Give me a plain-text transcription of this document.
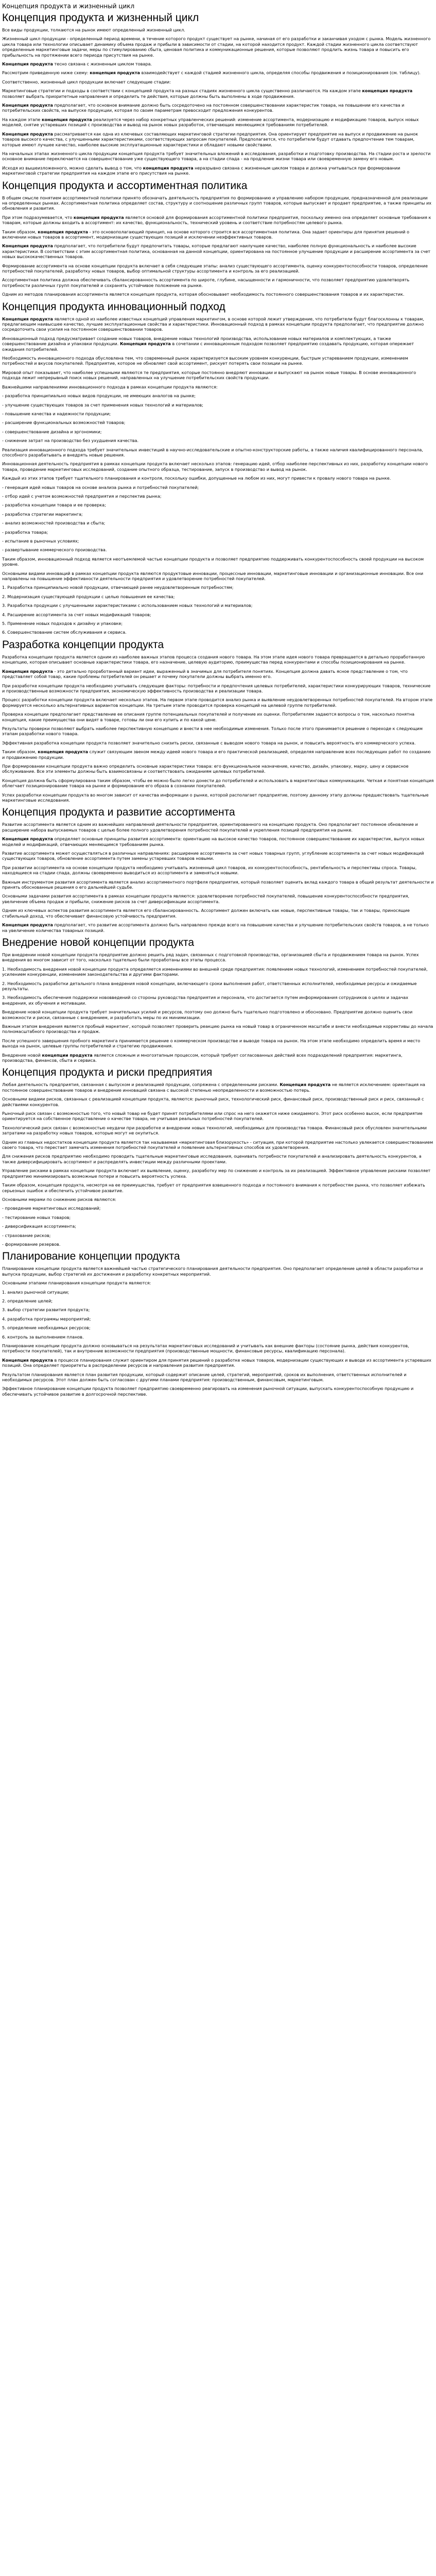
Концепция продукта и жизненный цикл
Концепция продукта и жизненный цикл

Все виды продукции, толкаются на рынок имеют определенный жизненный цикл.

Жизненный цикл продукции - определенный период времени, в течение которого продукт существует на рынке, начиная от его разработки и заканчивая уходом с рынка. Модель жизненного цикла товара или технологии описывает динамику объема продаж и прибыли в зависимости от стадии, на которой находится продукт. Каждой стадии жизненного цикла соответствуют определенные маркетинговые задачи, меры по стимулированию сбыта, ценовая политика и коммуникационные решения, которые позволяют продлить жизнь товара и повысить его прибыльность на протяжении всего периода присутствия на рынке.

Концепция продукта тесно связана с жизненным циклом товара.

Рассмотрим приведенную ниже схему: концепция продукта взаимодействует с каждой стадией жизненного цикла, определяя способы продвижения и позиционирования (см. таблицу).

Соответственно, жизненный цикл продукции включает следующие стадии:

Маркетинговые стратегии и подходы в соответствии с концепцией продукта на разных стадиях жизненного цикла существенно различаются. На каждом этапе концепция продукта позволяет выбрать приоритетные направления и определить те действия, которые должны быть выполнены в ходе продвижения.

Концепция продукта предполагает, что основное внимание должно быть сосредоточено на постоянном совершенствовании характеристик товара, на повышении его качества и потребительских свойств, на выпуске продукции, которая по своим параметрам превосходит предложения конкурентов.

На каждом этапе концепция продукта реализуется через набор конкретных управленческих решений: изменение ассортимента, модернизацию и модификацию товаров, выпуск новых моделей, снятие устаревших позиций с производства и вывод на рынок новых разработок, отвечающих меняющимся требованиям потребителей.

Концепция продукта рассматривается как одна из ключевых составляющих маркетинговой стратегии предприятия. Она ориентирует предприятие на выпуск и продвижение на рынок товаров высокого качества, с улучшенными характеристиками, соответствующих запросам покупателей. Предполагается, что потребители будут отдавать предпочтение тем товарам, которые имеют лучшее качество, наиболее высокие эксплуатационные характеристики и обладают новыми свойствами.

На начальных этапах жизненного цикла продукции концепция продукта требует значительных вложений в исследования, разработки и подготовку производства. На стадии роста и зрелости основное внимание переключается на совершенствование уже существующего товара, а на стадии спада - на продление жизни товара или своевременную замену его новым.

Исходя из вышеизложенного, можно сделать вывод о том, что концепция продукта неразрывно связана с жизненным циклом товара и должна учитываться при формировании маркетинговой стратегии предприятия на каждом этапе его присутствия на рынке.

Концепция продукта и ассортиментная политика

В общем смысле понятием ассортиментной политики принято обозначать деятельность предприятия по формированию и управлению набором продукции, предназначенной для реализации на определенных рынках. Ассортиментная политика определяет состав, структуру и соотношение различных групп товаров, которые выпускает и продает предприятие, а также принципы их обновления и развития.

При этом подразумевается, что концепция продукта является основой для формирования ассортиментной политики предприятия, поскольку именно она определяет основные требования к товарам, которые должны входить в ассортимент: их качество, функциональность, технический уровень и соответствие потребностям целевого рынка.

Таким образом, концепция продукта - это основополагающий принцип, на основе которого строится вся ассортиментная политика. Она задает ориентиры для принятия решений о включении новых товаров в ассортимент, модернизации существующих позиций и исключении неэффективных товаров.

Концепция продукта предполагает, что потребители будут предпочитать товары, которые предлагают наилучшее качество, наиболее полную функциональность и наиболее высокие характеристики. В соответствии с этим ассортиментная политика, основанная на данной концепции, ориентирована на постоянное улучшение продукции и расширение ассортимента за счет новых высококачественных товаров.

Формирование ассортимента на основе концепции продукта включает в себя следующие этапы: анализ существующего ассортимента, оценку конкурентоспособности товаров, определение потребностей покупателей, разработку новых товаров, выбор оптимальной структуры ассортимента и контроль за его реализацией.

Ассортиментная политика должна обеспечивать сбалансированность ассортимента по широте, глубине, насыщенности и гармоничности, что позволяет предприятию удовлетворять потребности различных групп покупателей и сохранять устойчивое положение на рынке.

Одним из методов планирования ассортимента является концепция продукта, которая обосновывает необходимость постоянного совершенствования товаров и их характеристик.

Концепция продукта инновационный подход

Концепция продукта является одной из наиболее известных концепций управления маркетингом, в основе которой лежит утверждение, что потребители будут благосклонны к товарам, предлагающим наивысшее качество, лучшие эксплуатационные свойства и характеристики. Инновационный подход в рамках концепции продукта предполагает, что предприятие должно сосредоточить свои усилия на постоянном совершенствовании товаров.

Инновационный подход предусматривает создание новых товаров, внедрение новых технологий производства, использование новых материалов и комплектующих, а также совершенствование дизайна и упаковки продукции. Концепция продукта в сочетании с инновационным подходом позволяет предприятию создавать продукцию, которая опережает ожидания потребителей.

Необходимость инновационного подхода обусловлена тем, что современный рынок характеризуется высоким уровнем конкуренции, быстрым устареванием продукции, изменением потребностей и вкусов покупателей. Предприятие, которое не обновляет свой ассортимент, рискует потерять свои позиции на рынке.

Мировой опыт показывает, что наиболее успешными являются те предприятия, которые постоянно внедряют инновации и выпускают на рынок новые товары. В основе инновационного подхода лежит непрерывный поиск новых решений, направленных на улучшение потребительских свойств продукции.

Важнейшими направлениями инновационного подхода в рамках концепции продукта являются:

- разработка принципиально новых видов продукции, не имеющих аналогов на рынке;

- улучшение существующих товаров за счет применения новых технологий и материалов;

- повышение качества и надежности продукции;

- расширение функциональных возможностей товаров;

- совершенствование дизайна и эргономики;

- снижение затрат на производство без ухудшения качества.

Реализация инновационного подхода требует значительных инвестиций в научно-исследовательские и опытно-конструкторские работы, а также наличия квалифицированного персонала, способного разрабатывать и внедрять новые решения.

Инновационная деятельность предприятия в рамках концепции продукта включает несколько этапов: генерацию идей, отбор наиболее перспективных из них, разработку концепции нового товара, проведение маркетинговых исследований, создание опытного образца, тестирование, запуск в производство и вывод на рынок.

Каждый из этих этапов требует тщательного планирования и контроля, поскольку ошибки, допущенные на любом из них, могут привести к провалу нового товара на рынке.

- генерация идей новых товаров на основе анализа рынка и потребностей покупателей;

- отбор идей с учетом возможностей предприятия и перспектив рынка;

- разработка концепции товара и ее проверка;

- разработка стратегии маркетинга;

- анализ возможностей производства и сбыта;

- разработка товара;

- испытание в рыночных условиях;

- развертывание коммерческого производства.

Таким образом, инновационный подход является неотъемлемой частью концепции продукта и позволяет предприятию поддерживать конкурентоспособность своей продукции на высоком уровне.

Основными видами инноваций в рамках концепции продукта являются продуктовые инновации, процессные инновации, маркетинговые инновации и организационные инновации. Все они направлены на повышение эффективности деятельности предприятия и удовлетворение потребностей покупателей.

1. Разработка принципиально новой продукции, отвечающей ранее неудовлетворенным потребностям;

2. Модернизация существующей продукции с целью повышения ее качества;

3. Разработка продукции с улучшенными характеристиками с использованием новых технологий и материалов;

4. Расширение ассортимента за счет новых модификаций товаров;

5. Применение новых подходов к дизайну и упаковке;

6. Совершенствование систем обслуживания и сервиса.

Разработка концепции продукта

Разработка концепции продукта является одним из наиболее важных этапов процесса создания нового товара. На этом этапе идея нового товара превращается в детально проработанную концепцию, которая описывает основные характеристики товара, его назначение, целевую аудиторию, преимущества перед конкурентами и способы позиционирования на рынке.

Концепция продукта - это детально проработанный вариант идеи, выраженный в значимых для потребителя понятиях. Концепция должна давать ясное представление о том, что представляет собой товар, какие проблемы потребителей он решает и почему покупатели должны выбрать именно его.

При разработке концепции продукта необходимо учитывать следующие факторы: потребности и предпочтения целевых потребителей, характеристики конкурирующих товаров, технические и производственные возможности предприятия, экономическую эффективность производства и реализации товара.

Процесс разработки концепции продукта включает несколько этапов. На первом этапе проводится анализ рынка и выявление неудовлетворенных потребностей покупателей. На втором этапе формируется несколько альтернативных вариантов концепции. На третьем этапе проводится проверка концепций на целевой группе потребителей.

Проверка концепции предполагает представление ее описания группе потенциальных покупателей и получение их оценки. Потребителям задаются вопросы о том, насколько понятна концепция, какие преимущества они видят в товаре, готовы ли они его купить и по какой цене.

Результаты проверки позволяют выбрать наиболее перспективную концепцию и внести в нее необходимые изменения. Только после этого принимается решение о переходе к следующим этапам разработки нового товара.

Эффективная разработка концепции продукта позволяет значительно снизить риски, связанные с выводом нового товара на рынок, и повысить вероятность его коммерческого успеха.

Таким образом, концепция продукта служит связующим звеном между идеей нового товара и его практической реализацией, определяя направление всех последующих работ по созданию и продвижению продукции.

При формировании концепции продукта важно определить основные характеристики товара: его функциональное назначение, качество, дизайн, упаковку, марку, цену и сервисное обслуживание. Все эти элементы должны быть взаимосвязаны и соответствовать ожиданиям целевых потребителей.

Концепция должна быть сформулирована таким образом, чтобы ее можно было легко донести до потребителей и использовать в маркетинговых коммуникациях. Четкая и понятная концепция облегчает позиционирование товара на рынке и формирование его образа в сознании покупателей.

Успех разработки концепции продукта во многом зависит от качества информации о рынке, которой располагает предприятие, поэтому данному этапу должны предшествовать тщательные маркетинговые исследования.

Концепция продукта и развитие ассортимента

Развитие ассортимента является одним из важнейших направлений деятельности предприятия, ориентированного на концепцию продукта. Оно предполагает постоянное обновление и расширение набора выпускаемых товаров с целью более полного удовлетворения потребностей покупателей и укрепления позиций предприятия на рынке.

Концепция продукта определяет основные принципы развития ассортимента: ориентацию на высокое качество товаров, постоянное совершенствование их характеристик, выпуск новых моделей и модификаций, отвечающих меняющимся требованиям рынка.

Развитие ассортимента может осуществляться в различных направлениях: расширение ассортимента за счет новых товарных групп, углубление ассортимента за счет новых модификаций существующих товаров, обновление ассортимента путем замены устаревших товаров новыми.

При развитии ассортимента на основе концепции продукта необходимо учитывать жизненный цикл товаров, их конкурентоспособность, рентабельность и перспективы спроса. Товары, находящиеся на стадии спада, должны своевременно выводиться из ассортимента и заменяться новыми.

Важным инструментом развития ассортимента является анализ ассортиментного портфеля предприятия, который позволяет оценить вклад каждого товара в общий результат деятельности и принять обоснованные решения о его дальнейшей судьбе.

Основными задачами развития ассортимента в рамках концепции продукта являются: удовлетворение потребностей покупателей, повышение конкурентоспособности предприятия, увеличение объема продаж и прибыли, снижение рисков за счет диверсификации ассортимента.

Одним из ключевых аспектов развития ассортимента является его сбалансированность. Ассортимент должен включать как новые, перспективные товары, так и товары, приносящие стабильный доход, что обеспечивает финансовую устойчивость предприятия.

Концепция продукта предполагает, что развитие ассортимента должно быть направлено прежде всего на повышение качества и улучшение потребительских свойств товаров, а не только на увеличение количества товарных позиций.

Внедрение новой концепции продукта

При внедрении новой концепции продукта предприятие должно решить ряд задач, связанных с подготовкой производства, организацией сбыта и продвижением товара на рынок. Успех внедрения во многом зависит от того, насколько тщательно были проработаны все этапы процесса.

1. Необходимость внедрения новой концепции продукта определяется изменениями во внешней среде предприятия: появлением новых технологий, изменением потребностей покупателей, усилением конкуренции, изменением законодательства и другими факторами.

2. Необходимость разработки детального плана внедрения новой концепции, включающего сроки выполнения работ, ответственных исполнителей, необходимые ресурсы и ожидаемые результаты.

3. Необходимость обеспечения поддержки нововведений со стороны руководства предприятия и персонала, что достигается путем информирования сотрудников о целях и задачах внедрения, их обучения и мотивации.

Внедрение новой концепции продукта требует значительных усилий и ресурсов, поэтому оно должно быть тщательно подготовлено и обосновано. Предприятие должно оценить свои возможности и риски, связанные с внедрением, и разработать меры по их минимизации.

Важным этапом внедрения является пробный маркетинг, который позволяет проверить реакцию рынка на новый товар в ограниченном масштабе и внести необходимые коррективы до начала полномасштабного производства и продаж.

После успешного завершения пробного маркетинга принимается решение о коммерческом производстве и выводе товара на рынок. На этом этапе необходимо определить время и место выхода на рынок, целевые группы потребителей и стратегию продвижения.

Внедрение новой концепции продукта является сложным и многоэтапным процессом, который требует согласованных действий всех подразделений предприятия: маркетинга, производства, финансов, сбыта и сервиса.

Концепция продукта и риски предприятия

Любая деятельность предприятия, связанная с выпуском и реализацией продукции, сопряжена с определенными рисками. Концепция продукта не является исключением: ориентация на постоянное совершенствование товаров и внедрение инноваций связана с высокой степенью неопределенности и возможностью потерь.

Основными видами рисков, связанных с реализацией концепции продукта, являются: рыночный риск, технологический риск, финансовый риск, производственный риск и риск, связанный с действиями конкурентов.

Рыночный риск связан с возможностью того, что новый товар не будет принят потребителями или спрос на него окажется ниже ожидаемого. Этот риск особенно высок, если предприятие ориентируется на собственное представление о качестве товара, не учитывая реальных потребностей покупателей.

Технологический риск связан с возможностью неудачи при разработке и внедрении новых технологий, необходимых для производства товара. Финансовый риск обусловлен значительными затратами на разработку новых товаров, которые могут не окупиться.

Одним из главных недостатков концепции продукта является так называемая «маркетинговая близорукость» - ситуация, при которой предприятие настолько увлекается совершенствованием своего товара, что перестает замечать изменения потребностей покупателей и появление альтернативных способов их удовлетворения.

Для снижения рисков предприятию необходимо проводить тщательные маркетинговые исследования, оценивать потребности покупателей и анализировать деятельность конкурентов, а также диверсифицировать ассортимент и распределять инвестиции между различными проектами.

Управление рисками в рамках концепции продукта включает их выявление, оценку, разработку мер по снижению и контроль за их реализацией. Эффективное управление рисками позволяет предприятию минимизировать возможные потери и повысить вероятность успеха.

Таким образом, концепция продукта, несмотря на ее преимущества, требует от предприятия взвешенного подхода и постоянного внимания к потребностям рынка, что позволяет избежать серьезных ошибок и обеспечить устойчивое развитие.

Основными мерами по снижению рисков являются:

- проведение маркетинговых исследований;

- тестирование новых товаров;

- диверсификация ассортимента;

- страхование рисков;

- формирование резервов.

Планирование концепции продукта

Планирование концепции продукта является важнейшей частью стратегического планирования деятельности предприятия. Оно предполагает определение целей в области разработки и выпуска продукции, выбор стратегий их достижения и разработку конкретных мероприятий.

Основными этапами планирования концепции продукта являются:

1. анализ рыночной ситуации;

2. определение целей;

3. выбор стратегии развития продукта;

4. разработка программы мероприятий;

5. определение необходимых ресурсов;

6. контроль за выполнением планов.

Планирование концепции продукта должно основываться на результатах маркетинговых исследований и учитывать как внешние факторы (состояние рынка, действия конкурентов, потребности покупателей), так и внутренние возможности предприятия (производственные мощности, финансовые ресурсы, квалификацию персонала).

Концепция продукта в процессе планирования служит ориентиром для принятия решений о разработке новых товаров, модернизации существующих и выводе из ассортимента устаревших позиций. Она определяет приоритеты в распределении ресурсов и направления развития предприятия.

Результатом планирования является план развития продукции, который содержит описание целей, стратегий, мероприятий, сроков их выполнения, ответственных исполнителей и необходимых ресурсов. Этот план должен быть согласован с другими планами предприятия: производственным, финансовым, маркетинговым.

Эффективное планирование концепции продукта позволяет предприятию своевременно реагировать на изменения рыночной ситуации, выпускать конкурентоспособную продукцию и обеспечивать устойчивое развитие в долгосрочной перспективе.
